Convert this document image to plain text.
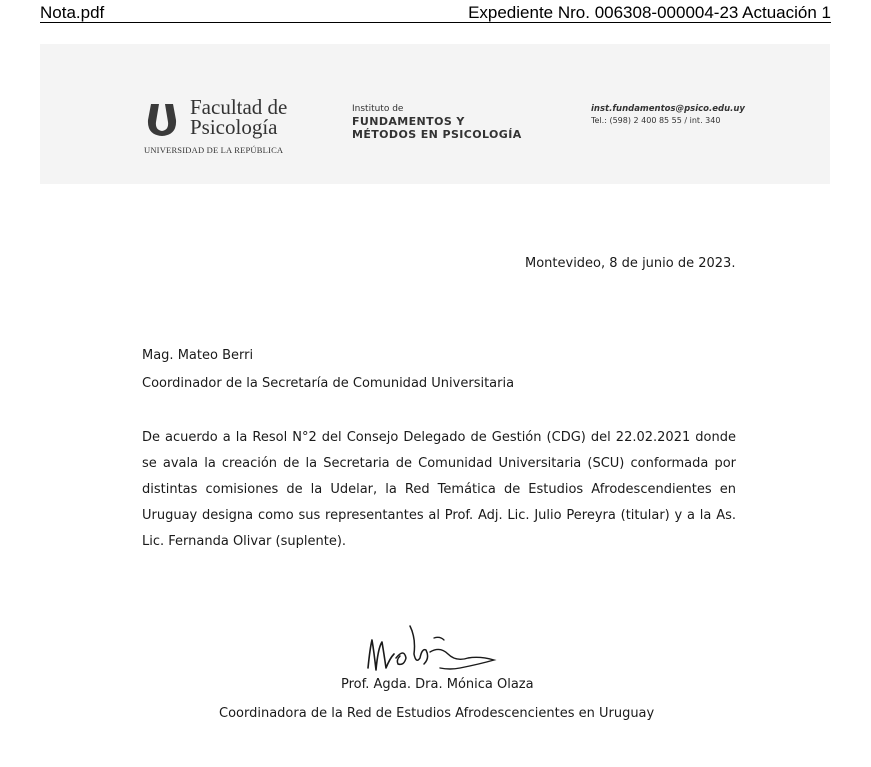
Nota.pdf	Expediente Nro. 006308-000004-23 Actuación 1
Facultad de
Psicología
UNIVERSIDAD DE LA REPÚBLICA
Instituto de
FUNDAMENTOS Y
MÉTODOS EN PSICOLOGÍA
inst.fundamentos@psico.edu.uy
Tel.: (598) 2 400 85 55 / int. 340
Montevideo, 8 de junio de 2023.
Mag. Mateo Berri
Coordinador de la Secretaría de Comunidad Universitaria

De acuerdo a la Resol N°2 del Consejo Delegado de Gestión (CDG) del 22.02.2021 donde se avala la creación de la Secretaria de Comunidad Universitaria (SCU) conformada por distintas comisiones de la Udelar, la Red Temática de Estudios Afrodescendientes en Uruguay designa como sus representantes al Prof. Adj. Lic. Julio Pereyra (titular) y a la As. Lic. Fernanda Olivar (suplente).

Prof. Agda. Dra. Mónica Olaza
Coordinadora de la Red de Estudios Afrodescencientes en Uruguay
